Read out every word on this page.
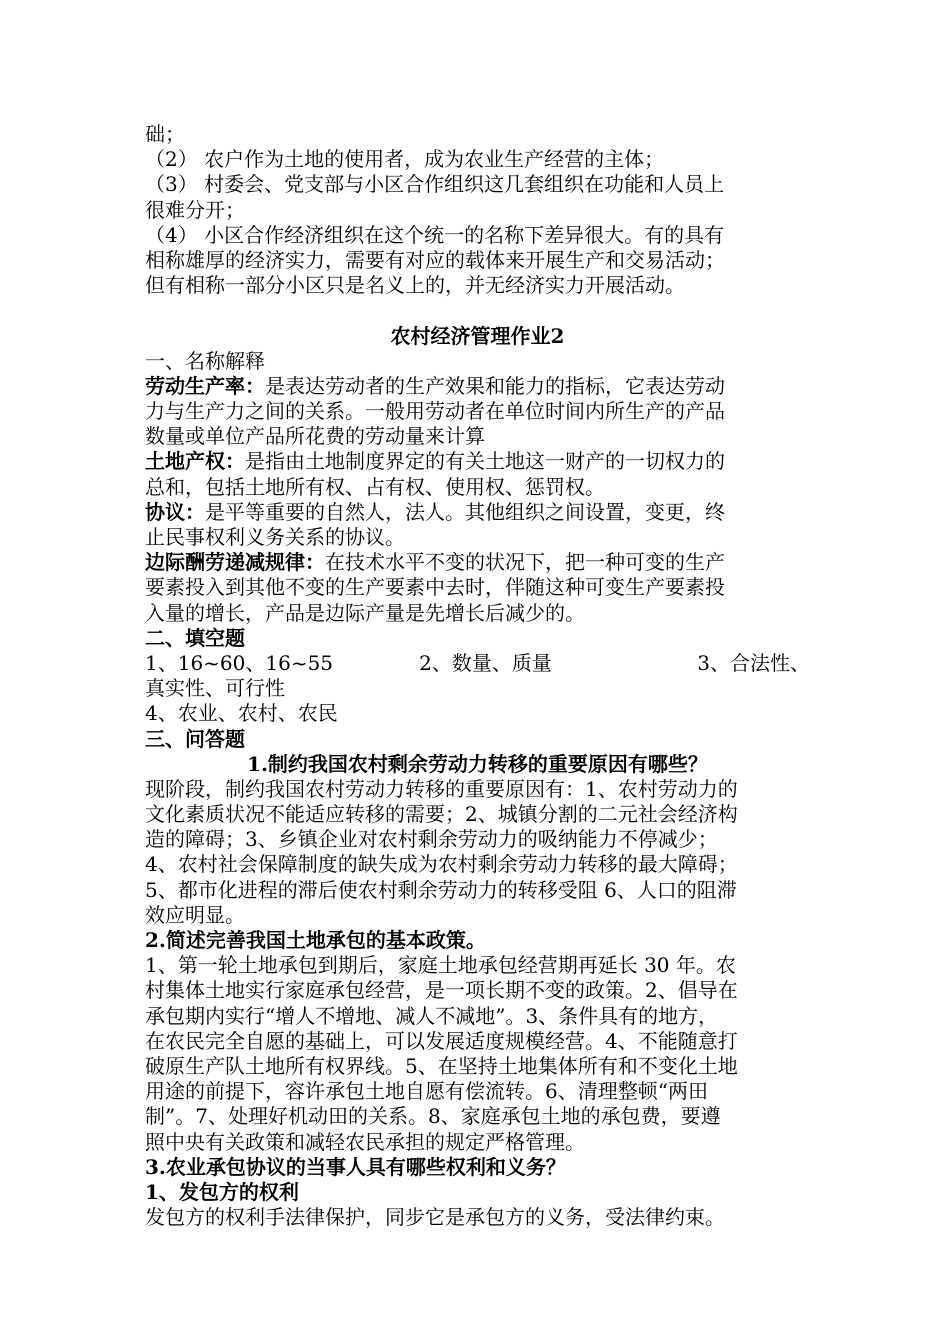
础；
（2） 农户作为土地的使用者，成为农业生产经营的主体；
（3） 村委会、党支部与小区合作组织这几套组织在功能和人员上
很难分开；
（4） 小区合作经济组织在这个统一的名称下差异很大。有的具有
相称雄厚的经济实力，需要有对应的载体来开展生产和交易活动；
但有相称一部分小区只是名义上的，并无经济实力开展活动。
农村经济管理作业2
一、名称解释
劳动生产率：是表达劳动者的生产效果和能力的指标，它表达劳动
力与生产力之间的关系。一般用劳动者在单位时间内所生产的产品
数量或单位产品所花费的劳动量来计算
土地产权：是指由土地制度界定的有关土地这一财产的一切权力的
总和，包括土地所有权、占有权、使用权、惩罚权。
协议：是平等重要的自然人，法人。其他组织之间设置，变更，终
止民事权利义务关系的协议。
边际酬劳递减规律：在技术水平不变的状况下，把一种可变的生产
要素投入到其他不变的生产要素中去时，伴随这种可变生产要素投
入量的增长，产品是边际产量是先增长后减少的。
二、填空题
1、16~60、16~55	2、数量、质量	3、合法性、
真实性、可行性
4、农业、农村、农民
三、问答题
1.制约我国农村剩余劳动力转移的重要原因有哪些？
现阶段，制约我国农村劳动力转移的重要原因有：1、农村劳动力的
文化素质状况不能适应转移的需要；2、城镇分割的二元社会经济构
造的障碍；3、乡镇企业对农村剩余劳动力的吸纳能力不停减少；
4、农村社会保障制度的缺失成为农村剩余劳动力转移的最大障碍；
5、都市化进程的滞后使农村剩余劳动力的转移受阻 6、人口的阻滞
效应明显。
2.简述完善我国土地承包的基本政策。
1、第一轮土地承包到期后，家庭土地承包经营期再延长 30 年。农
村集体土地实行家庭承包经营，是一项长期不变的政策。2、倡导在
承包期内实行“增人不增地、减人不减地”。3、条件具有的地方，
在农民完全自愿的基础上，可以发展适度规模经营。4、不能随意打
破原生产队土地所有权界线。5、在坚持土地集体所有和不变化土地
用途的前提下，容许承包土地自愿有偿流转。6、清理整顿“两田
制”。7、处理好机动田的关系。8、家庭承包土地的承包费，要遵
照中央有关政策和减轻农民承担的规定严格管理。
3.农业承包协议的当事人具有哪些权利和义务？
1、发包方的权利
发包方的权利手法律保护，同步它是承包方的义务，受法律约束。
